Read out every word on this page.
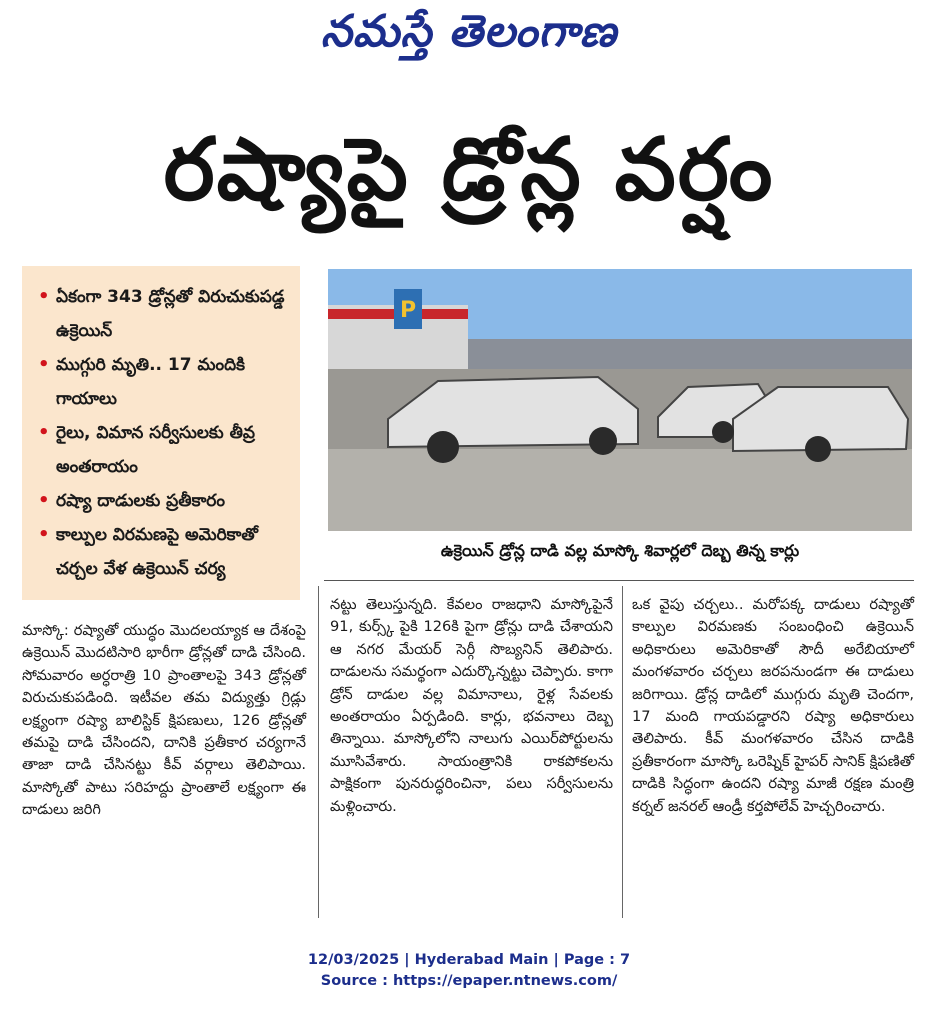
నమస్తే తెలంగాణ
రష్యాపై డ్రోన్ల వర్షం
• ఏకంగా 343 డ్రోన్లతో విరుచుకుపడ్డ ఉక్రెయిన్
• ముగ్గురి మృతి.. 17 మందికి గాయాలు
• రైలు, విమాన సర్వీసులకు తీవ్ర అంతరాయం
• రష్యా దాడులకు ప్రతీకారం
• కాల్పుల విరమణపై అమెరికాతో చర్చల వేళ ఉక్రెయిన్ చర్య
P
ఉక్రెయిన్ డ్రోన్ల దాడి వల్ల మాస్కో శివార్లలో దెబ్బ తిన్న కార్లు
మాస్కో: రష్యాతో యుద్ధం మొదలయ్యాక ఆ దేశంపై ఉక్రెయిన్ మొదటిసారి భారీగా డ్రోన్లతో దాడి చేసింది. సోమవారం అర్ధరాత్రి 10 ప్రాంతాలపై 343 డ్రోన్లతో విరుచుకుపడింది. ఇటీవల తమ విద్యుత్తు గ్రిడ్లు లక్ష్యంగా రష్యా బాలిస్టిక్ క్షిపణులు, 126 డ్రోన్లతో తమపై దాడి చేసిందని, దానికి ప్రతీకార చర్యగానే తాజా దాడి చేసినట్టు కీవ్ వర్గాలు తెలిపాయి. మాస్కోతో పాటు సరిహద్దు ప్రాంతాలే లక్ష్యంగా ఈ దాడులు జరిగి
నట్టు తెలుస్తున్నది. కేవలం రాజధాని మాస్కోపైనే 91, కుర్స్క్ పైకి 126కి పైగా డ్రోన్లు దాడి చేశాయని ఆ నగర మేయర్ సెర్గీ సొబ్యనిన్ తెలిపారు. దాడులను సమర్థంగా ఎదుర్కొన్నట్టు చెప్పారు. కాగా డ్రోన్ దాడుల వల్ల విమానాలు, రైళ్ల సేవలకు అంతరాయం ఏర్పడింది. కార్లు, భవనాలు దెబ్బ తిన్నాయి. మాస్కోలోని నాలుగు ఎయిర్‌పోర్టులను మూసివేశారు. సాయంత్రానికి రాకపోకలను పాక్షికంగా పునరుద్ధరించినా, పలు సర్వీసులను మళ్లించారు.
ఒక వైపు చర్చలు.. మరోపక్క దాడులు రష్యాతో కాల్పుల విరమణకు సంబంధించి ఉక్రెయిన్ అధికారులు అమెరికాతో సౌదీ అరేబియాలో మంగళవారం చర్చలు జరపనుండగా ఈ దాడులు జరిగాయి. డ్రోన్ల దాడిలో ముగ్గురు మృతి చెందగా, 17 మంది గాయపడ్డారని రష్యా అధికారులు తెలిపారు. కీవ్ మంగళవారం చేసిన దాడికి ప్రతీకారంగా మాస్కో ఒరెష్నిక్ హైపర్ సానిక్ క్షిపణితో దాడికి సిద్ధంగా ఉందని రష్యా మాజీ రక్షణ మంత్రి కర్నల్ జనరల్ ఆండ్రీ కర్తపోలేవ్ హెచ్చరించారు.
12/03/2025 | Hyderabad Main | Page : 7
Source : https://epaper.ntnews.com/
